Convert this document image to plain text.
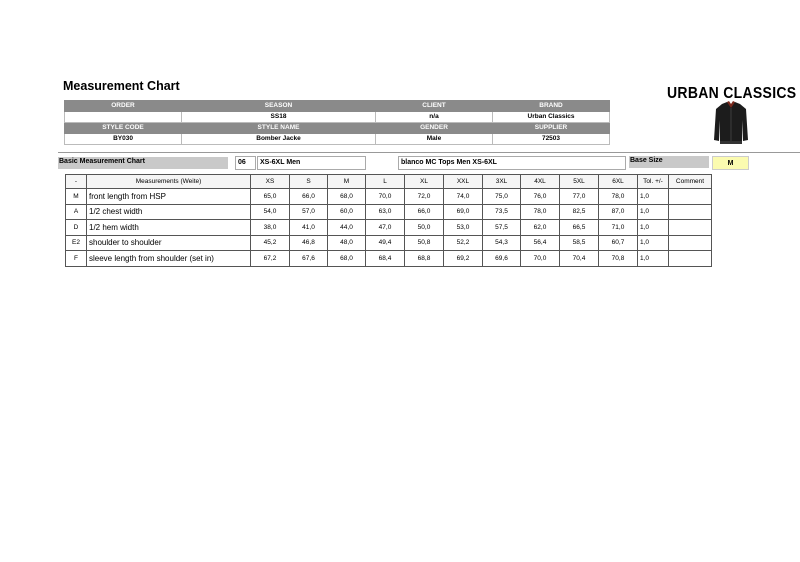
Measurement Chart	URBAN CLASSICS
ORDER	SEASON	CLIENT	BRAND
	SS18	n/a	Urban Classics
STYLE CODE	STYLE NAME	GENDER	SUPPLIER
BY030	Bomber Jacke	Male	72503
Basic Measurement Chart	06	XS-6XL Men	blanco MC Tops Men XS-6XL	Base Size	M
-	Measurements (Weite)	XS	S	M	L	XL	XXL	3XL	4XL	5XL	6XL	Tol. +/-	Comment
M	front length from HSP	65,0	66,0	68,0	70,0	72,0	74,0	75,0	76,0	77,0	78,0	1,0	
A	1/2 chest width	54,0	57,0	60,0	63,0	66,0	69,0	73,5	78,0	82,5	87,0	1,0	
D	1/2 hem width	38,0	41,0	44,0	47,0	50,0	53,0	57,5	62,0	66,5	71,0	1,0	
E2	shoulder to shoulder	45,2	46,8	48,0	49,4	50,8	52,2	54,3	56,4	58,5	60,7	1,0	
F	sleeve length from shoulder (set in)	67,2	67,6	68,0	68,4	68,8	69,2	69,6	70,0	70,4	70,8	1,0	
